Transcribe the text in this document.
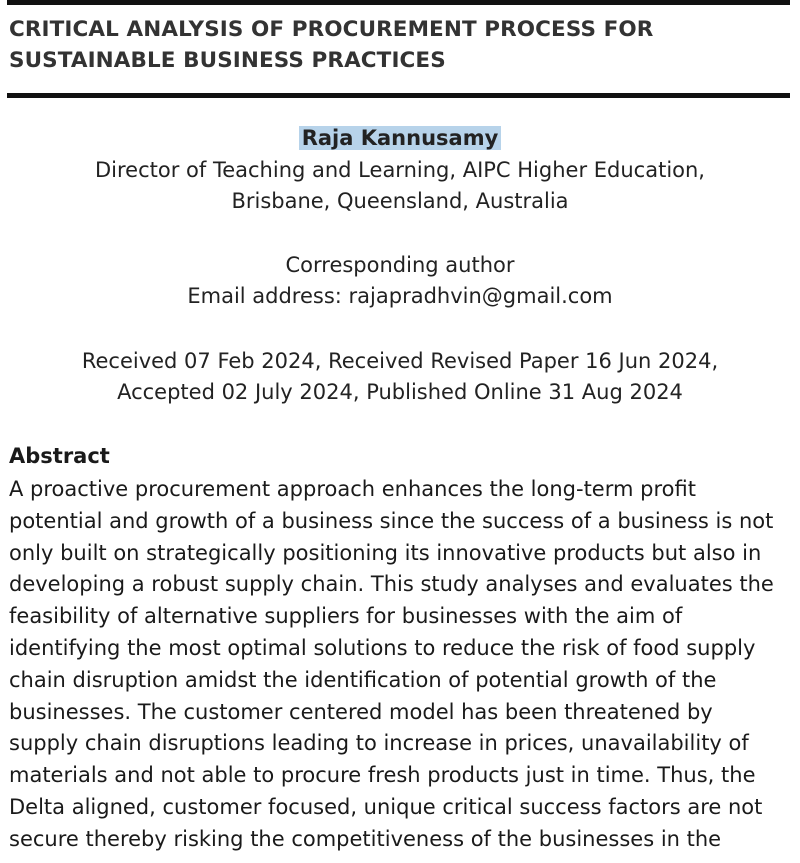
CRITICAL ANALYSIS OF PROCUREMENT PROCESS FOR
SUSTAINABLE BUSINESS PRACTICES
Raja Kannusamy
Director of Teaching and Learning, AIPC Higher Education,
Brisbane, Queensland, Australia
Corresponding author
Email address: rajapradhvin@gmail.com
Received 07 Feb 2024, Received Revised Paper 16 Jun 2024,
Accepted 02 July 2024, Published Online 31 Aug 2024
Abstract
A proactive procurement approach enhances the long-term profit
potential and growth of a business since the success of a business is not
only built on strategically positioning its innovative products but also in
developing a robust supply chain. This study analyses and evaluates the
feasibility of alternative suppliers for businesses with the aim of
identifying the most optimal solutions to reduce the risk of food supply
chain disruption amidst the identification of potential growth of the
businesses. The customer centered model has been threatened by
supply chain disruptions leading to increase in prices, unavailability of
materials and not able to procure fresh products just in time. Thus, the
Delta aligned, customer focused, unique critical success factors are not
secure thereby risking the competitiveness of the businesses in the
